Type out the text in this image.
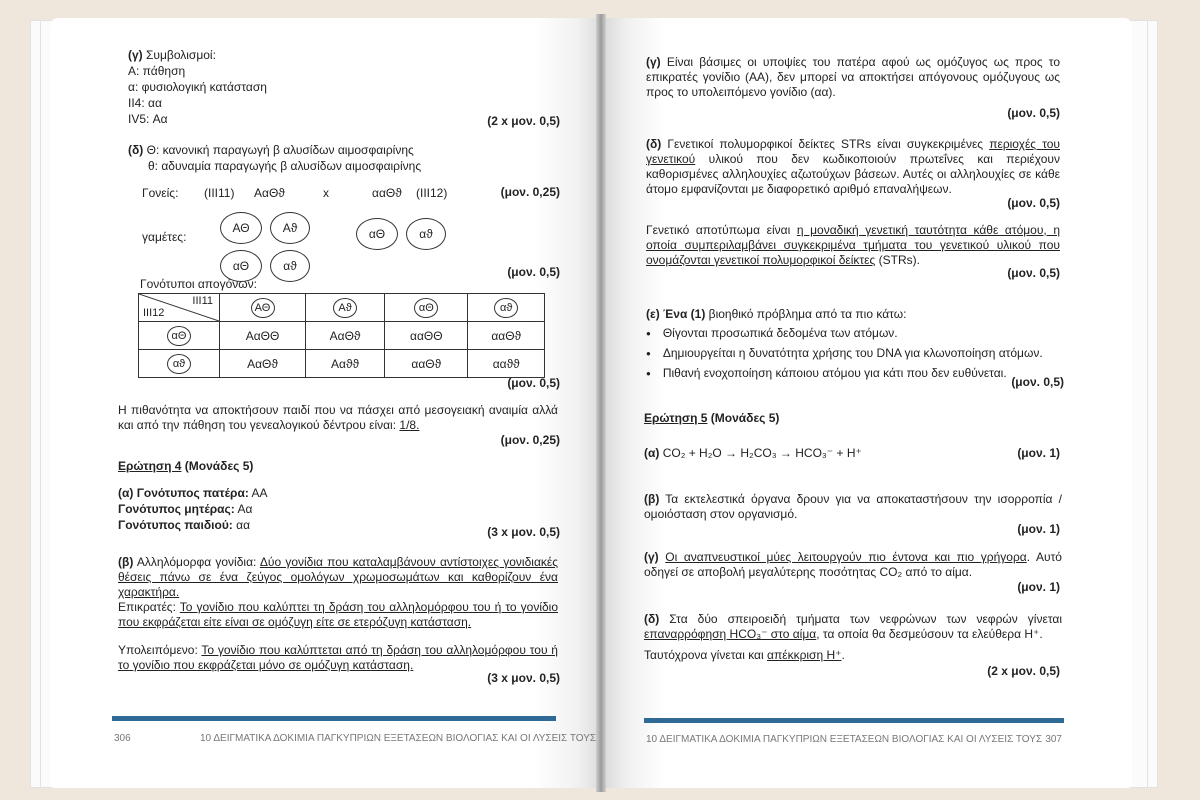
(γ) Συμβολισμοί:
Α: πάθηση
α: φυσιολογική κατάσταση
ΙΙ4: αα
ΙV5: Αα	(2 x μον. 0,5)
(δ) Θ: κανονική παραγωγή β αλυσίδων αιμοσφαιρίνης
θ: αδυναμία παραγωγής β αλυσίδων αιμοσφαιρίνης
Γονείς: (ΙΙΙ11) ΑαΘϑ	x	ααΘϑ (ΙΙΙ12)	(μον. 0,25)
γαμέτες:
ΑΘ	Αϑ
αΘ	αϑ
αΘ	αϑ
(μον. 0,5)
Γονότυποι απογόνων:
ΙΙΙ11
ΙΙΙ12	ΑΘ	Αϑ	αΘ	αϑ
αΘ	ΑαΘΘ	ΑαΘϑ	ααΘΘ	ααΘϑ
αϑ	ΑαΘϑ	Ααϑϑ	ααΘϑ	ααϑϑ
(μον. 0,5)
Η πιθανότητα να αποκτήσουν παιδί που να πάσχει από μεσογειακή αναιμία αλλά και από την πάθηση του γενεαλογικού δέντρου είναι: 1/8.
(μον. 0,25)
Ερώτηση 4 (Μονάδες 5)
(α) Γονότυπος πατέρα: ΑΑ
Γονότυπος μητέρας: Αα
Γονότυπος παιδιού: αα	(3 x μον. 0,5)
(β) Αλληλόμορφα γονίδια: Δύο γονίδια που καταλαμβάνουν αντίστοιχες γονιδιακές θέσεις πάνω σε ένα ζεύγος ομολόγων χρωμοσωμάτων και καθορίζουν ένα χαρακτήρα.
Επικρατές: Το γονίδιο που καλύπτει τη δράση του αλληλομόρφου του ή το γονίδιο που εκφράζεται είτε είναι σε ομόζυγη είτε σε ετερόζυγη κατάσταση.
Υπολειπόμενο: Το γονίδιο που καλύπτεται από τη δράση του αλληλομόρφου του ή το γονίδιο που εκφράζεται μόνο σε ομόζυγη κατάσταση.
(3 x μον. 0,5)
306	10 ΔΕΙΓΜΑΤΙΚΑ ΔΟΚΙΜΙΑ ΠΑΓΚΥΠΡΙΩΝ ΕΞΕΤΑΣΕΩΝ ΒΙΟΛΟΓΙΑΣ ΚΑΙ ΟΙ ΛΥΣΕΙΣ ΤΟΥΣ
(γ) Είναι βάσιμες οι υποψίες του πατέρα αφού ως ομόζυγος ως προς το επικρατές γονίδιο (ΑΑ), δεν μπορεί να αποκτήσει απόγονους ομόζυγους ως προς το υπολειπόμενο γονίδιο (αα).
(μον. 0,5)
(δ) Γενετικοί πολυμορφικοί δείκτες STRs είναι συγκεκριμένες περιοχές του γενετικού υλικού που δεν κωδικοποιούν πρωτεΐνες και περιέχουν καθορισμένες αλληλουχίες αζωτούχων βάσεων. Αυτές οι αλληλουχίες σε κάθε άτομο εμφανίζονται με διαφορετικό αριθμό επαναλήψεων.
(μον. 0,5)
Γενετικό αποτύπωμα είναι η μοναδική γενετική ταυτότητα κάθε ατόμου, η οποία συμπεριλαμβάνει συγκεκριμένα τμήματα του γενετικού υλικού που ονομάζονται γενετικοί πολυμορφικοί δείκτες (STRs).
(μον. 0,5)
(ε) Ένα (1) βιοηθικό πρόβλημα από τα πιο κάτω:
● Θίγονται προσωπικά δεδομένα των ατόμων.
● Δημιουργείται η δυνατότητα χρήσης του DNA για κλωνοποίηση ατόμων.
● Πιθανή ενοχοποίηση κάποιου ατόμου για κάτι που δεν ευθύνεται.
(μον. 0,5)
Ερώτηση 5 (Μονάδες 5)
(α) CO₂ + H₂O → H₂CO₃ → HCO₃⁻ + H⁺	(μον. 1)
(β) Τα εκτελεστικά όργανα δρουν για να αποκαταστήσουν την ισορροπία / ομοιόσταση στον οργανισμό.
(μον. 1)
(γ) Οι αναπνευστικοί μύες λειτουργούν πιο έντονα και πιο γρήγορα. Αυτό οδηγεί σε αποβολή μεγαλύτερης ποσότητας CO₂ από το αίμα.
(μον. 1)
(δ) Στα δύο σπειροειδή τμήματα των νεφρώνων των νεφρών γίνεται επαναρρόφηση HCO₃⁻ στο αίμα, τα οποία θα δεσμεύσουν τα ελεύθερα Η⁺.
Ταυτόχρονα γίνεται και απέκκριση Η⁺.
(2 x μον. 0,5)
10 ΔΕΙΓΜΑΤΙΚΑ ΔΟΚΙΜΙΑ ΠΑΓΚΥΠΡΙΩΝ ΕΞΕΤΑΣΕΩΝ ΒΙΟΛΟΓΙΑΣ ΚΑΙ ΟΙ ΛΥΣΕΙΣ ΤΟΥΣ 307
